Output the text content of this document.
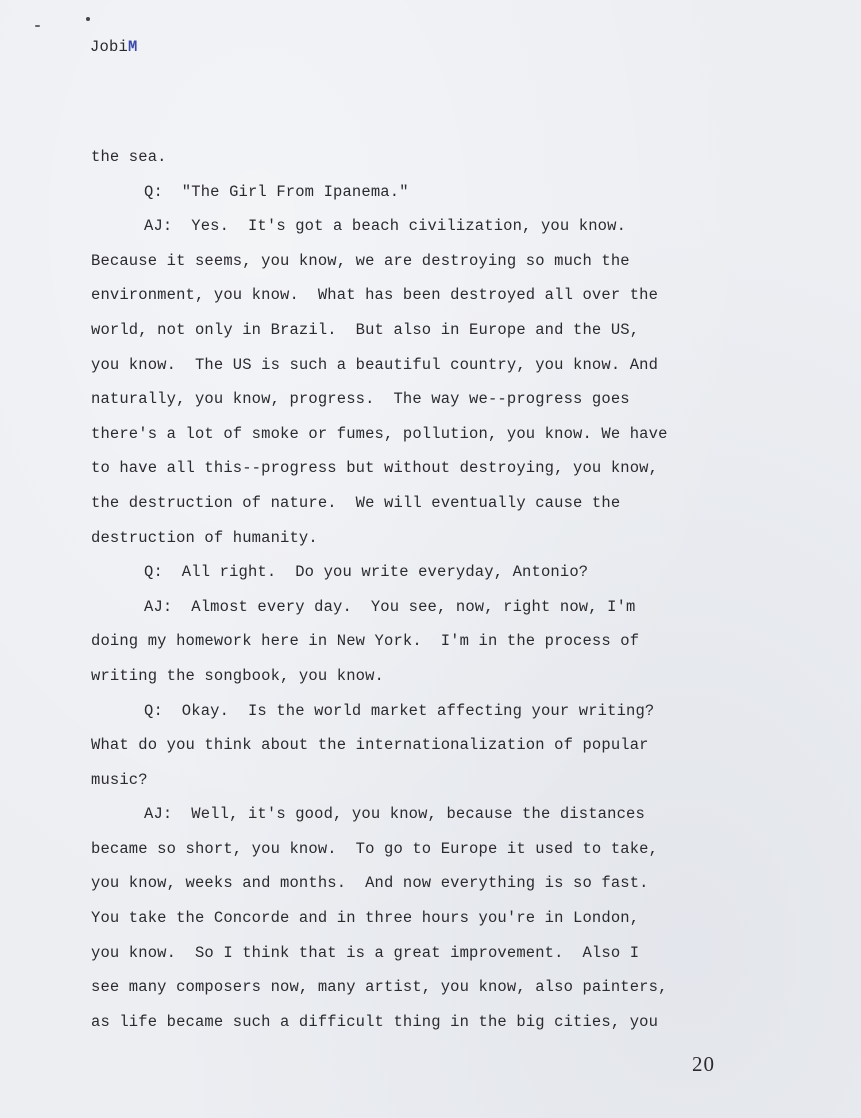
JobiM
the sea.
Q:  "The Girl From Ipanema."
AJ:  Yes.  It's got a beach civilization, you know.
Because it seems, you know, we are destroying so much the
environment, you know.  What has been destroyed all over the
world, not only in Brazil.  But also in Europe and the US,
you know.  The US is such a beautiful country, you know. And
naturally, you know, progress.  The way we--progress goes
there's a lot of smoke or fumes, pollution, you know. We have
to have all this--progress but without destroying, you know,
the destruction of nature.  We will eventually cause the
destruction of humanity.
Q:  All right.  Do you write everyday, Antonio?
AJ:  Almost every day.  You see, now, right now, I'm
doing my homework here in New York.  I'm in the process of
writing the songbook, you know.
Q:  Okay.  Is the world market affecting your writing?
What do you think about the internationalization of popular
music?
AJ:  Well, it's good, you know, because the distances
became so short, you know.  To go to Europe it used to take,
you know, weeks and months.  And now everything is so fast.
You take the Concorde and in three hours you're in London,
you know.  So I think that is a great improvement.  Also I
see many composers now, many artist, you know, also painters,
as life became such a difficult thing in the big cities, you
20
